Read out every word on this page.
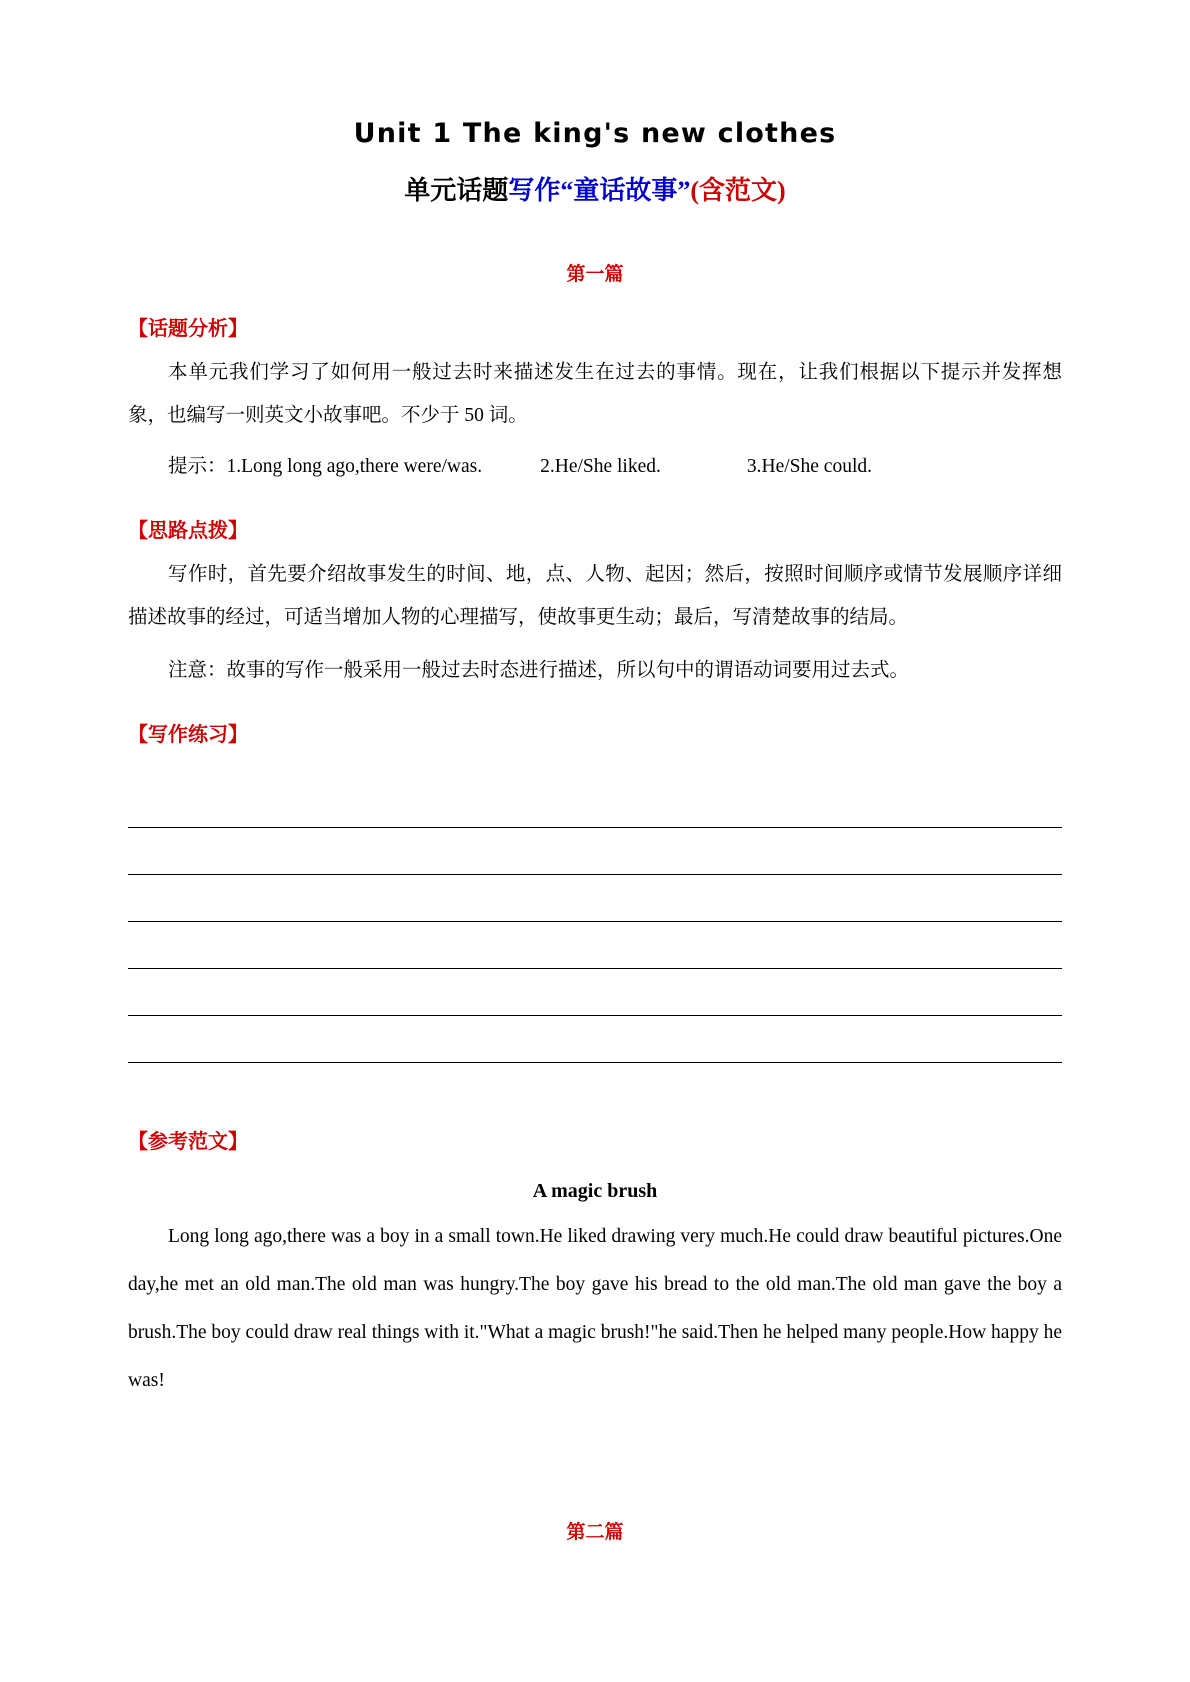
Unit 1 The king's new clothes
单元话题写作“童话故事”(含范文)
第一篇
【话题分析】

本单元我们学习了如何用一般过去时来描述发生在过去的事情。现在，让我们根据以下提示并发挥想象，也编写一则英文小故事吧。不少于 50 词。

提示：1.Long long ago,there were/was.	2.He/She liked.	3.He/She could.
【思路点拨】

写作时，首先要介绍故事发生的时间、地，点、人物、起因；然后，按照时间顺序或情节发展顺序详细描述故事的经过，可适当增加人物的心理描写，使故事更生动；最后，写清楚故事的结局。

注意：故事的写作一般采用一般过去时态进行描述，所以句中的谓语动词要用过去式。

【写作练习】
【参考范文】
A magic brush

Long long ago,there was a boy in a small town.He liked drawing very much.He could draw beautiful pictures.One day,he met an old man.The old man was hungry.The boy gave his bread to the old man.The old man gave the boy a brush.The boy could draw real things with it."What a magic brush!"he said.Then he helped many people.How happy he was!

第二篇
